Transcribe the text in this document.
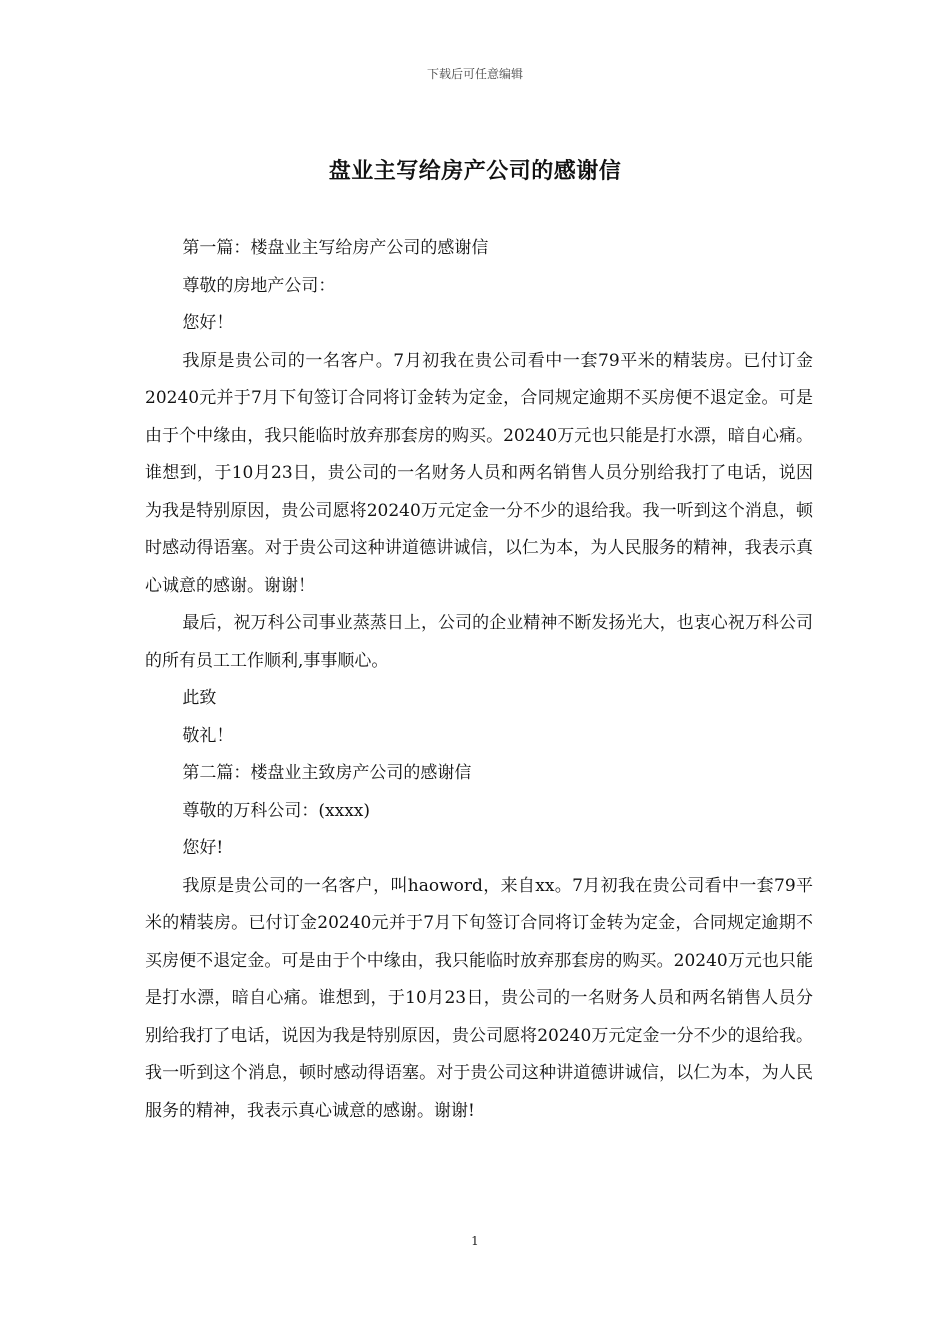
下载后可任意编辑
盘业主写给房产公司的感谢信

第一篇：楼盘业主写给房产公司的感谢信

尊敬的房地产公司：

您好！

我原是贵公司的一名客户。7月初我在贵公司看中一套79平米的精装房。已付订金20240元并于7月下旬签订合同将订金转为定金，合同规定逾期不买房便不退定金。可是由于个中缘由，我只能临时放弃那套房的购买。20240万元也只能是打水漂，暗自心痛。谁想到，于10月23日，贵公司的一名财务人员和两名销售人员分别给我打了电话，说因为我是特别原因，贵公司愿将20240万元定金一分不少的退给我。我一听到这个消息，顿时感动得语塞。对于贵公司这种讲道德讲诚信，以仁为本，为人民服务的精神，我表示真心诚意的感谢。谢谢！

最后，祝万科公司事业蒸蒸日上，公司的企业精神不断发扬光大，也衷心祝万科公司的所有员工工作顺利,事事顺心。

此致

敬礼！

第二篇：楼盘业主致房产公司的感谢信

尊敬的万科公司：(xxxx)

您好!

我原是贵公司的一名客户，叫haoword，来自xx。7月初我在贵公司看中一套79平米的精装房。已付订金20240元并于7月下旬签订合同将订金转为定金，合同规定逾期不买房便不退定金。可是由于个中缘由，我只能临时放弃那套房的购买。20240万元也只能是打水漂，暗自心痛。谁想到，于10月23日，贵公司的一名财务人员和两名销售人员分别给我打了电话，说因为我是特别原因，贵公司愿将20240万元定金一分不少的退给我。我一听到这个消息，顿时感动得语塞。对于贵公司这种讲道德讲诚信，以仁为本，为人民服务的精神，我表示真心诚意的感谢。谢谢!

1
